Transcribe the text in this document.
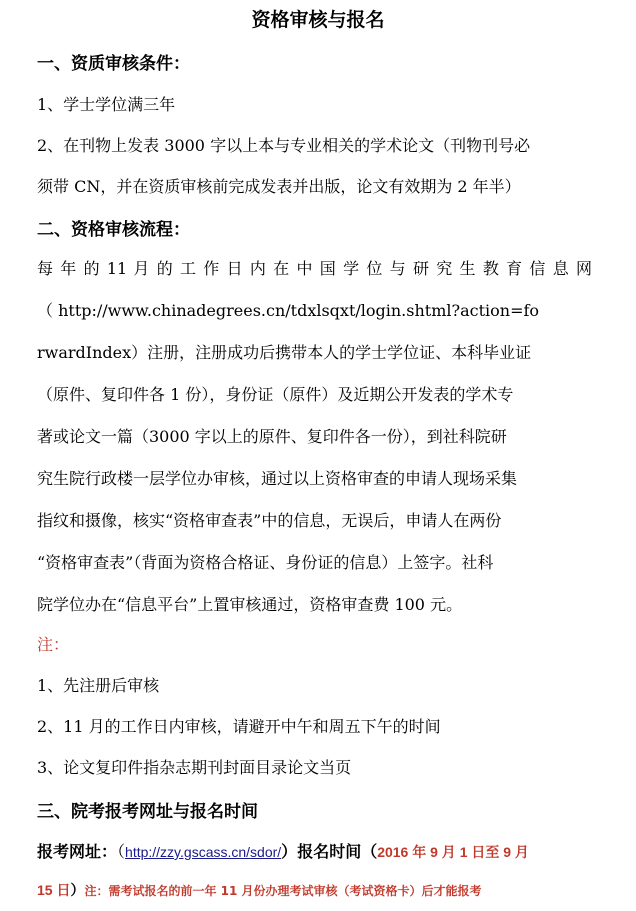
资格审核与报名
一、资质审核条件：
1、学士学位满三年
2、在刊物上发表 3000 字以上本与专业相关的学术论文（刊物刊号必
须带 CN，并在资质审核前完成发表并出版，论文有效期为 2 年半）
二、资格审核流程：
每 年 的 11 月 的 工 作 日 内 在 中 国 学 位 与 研 究 生 教 育 信 息 网
（ http://www.chinadegrees.cn/tdxlsqxt/login.shtml?action=fo
rwardIndex）注册，注册成功后携带本人的学士学位证、本科毕业证
（原件、复印件各 1 份），身份证（原件）及近期公开发表的学术专
著或论文一篇（3000 字以上的原件、复印件各一份），到社科院研
究生院行政楼一层学位办审核，通过以上资格审查的申请人现场采集
指纹和摄像，核实“资格审查表”中的信息，无误后，申请人在两份
“资格审查表”（背面为资格合格证、身份证的信息）上签字。社科
院学位办在“信息平台”上置审核通过，资格审查费 100 元。
注：
1、先注册后审核
2、11 月的工作日内审核，请避开中午和周五下午的时间
3、论文复印件指杂志期刊封面目录论文当页
三、院考报考网址与报名时间
报考网址：（http://zzy.gscass.cn/sdor/）报名时间（2016 年 9 月 1 日至 9 月
15 日）注：需考试报名的前一年 11 月份办理考试审核（考试资格卡）后才能报考
